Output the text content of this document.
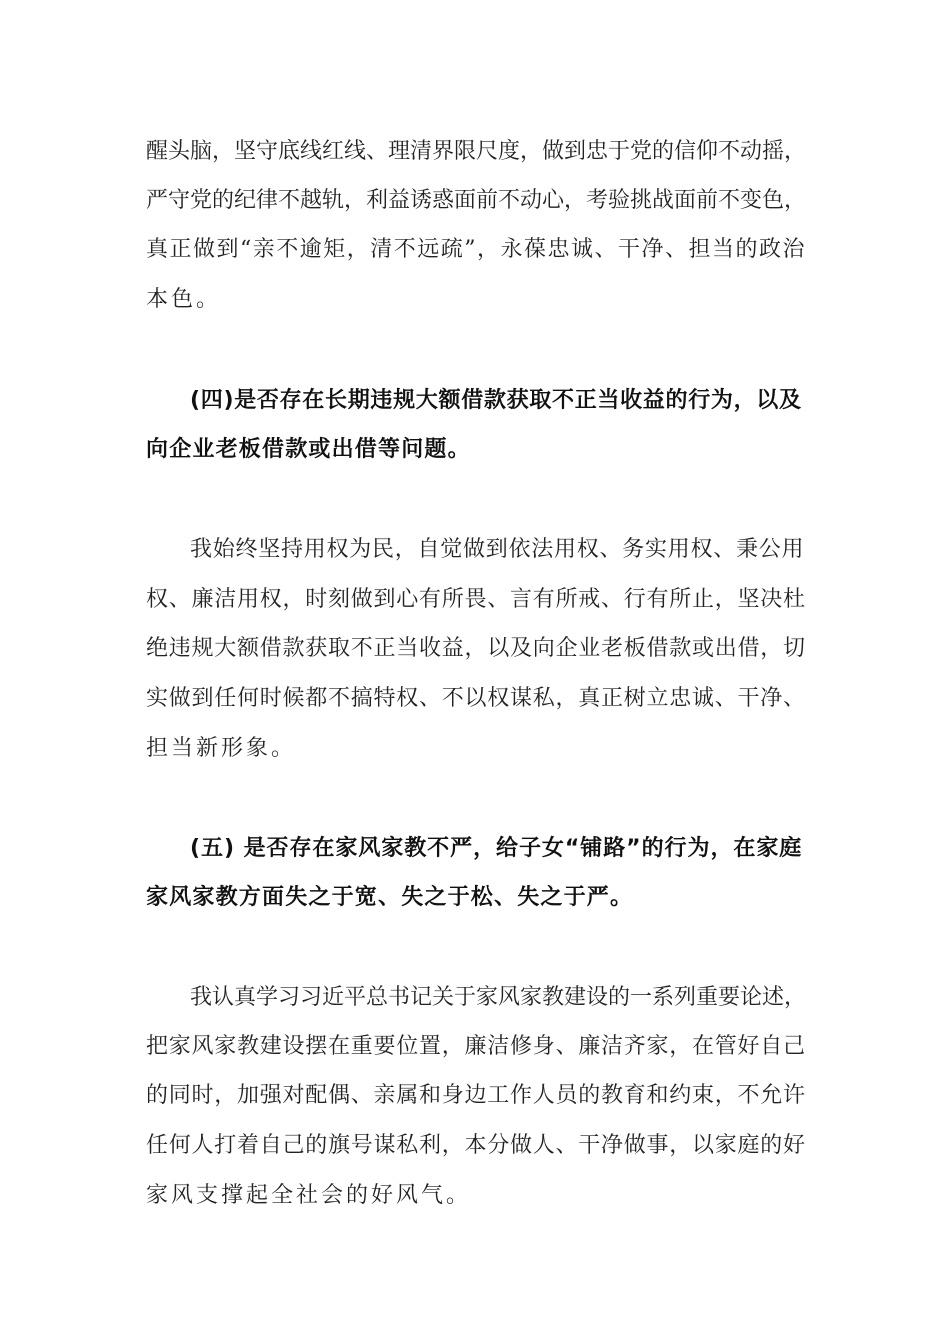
醒头脑，坚守底线红线、理清界限尺度，做到忠于党的信仰不动摇，

严守党的纪律不越轨，利益诱惑面前不动心，考验挑战面前不变色，

真正做到“亲不逾矩，清不远疏”，永葆忠诚、干净、担当的政治

本色。

(四)是否存在长期违规大额借款获取不正当收益的行为，以及

向企业老板借款或出借等问题。

我始终坚持用权为民，自觉做到依法用权、务实用权、秉公用

权、廉洁用权，时刻做到心有所畏、言有所戒、行有所止，坚决杜

绝违规大额借款获取不正当收益，以及向企业老板借款或出借，切

实做到任何时候都不搞特权、不以权谋私，真正树立忠诚、干净、

担当新形象。

(五) 是否存在家风家教不严，给子女“铺路”的行为，在家庭

家风家教方面失之于宽、失之于松、失之于严。

我认真学习习近平总书记关于家风家教建设的一系列重要论述，

把家风家教建设摆在重要位置，廉洁修身、廉洁齐家，在管好自己

的同时，加强对配偶、亲属和身边工作人员的教育和约束，不允许

任何人打着自己的旗号谋私利，本分做人、干净做事，以家庭的好

家风支撑起全社会的好风气。
